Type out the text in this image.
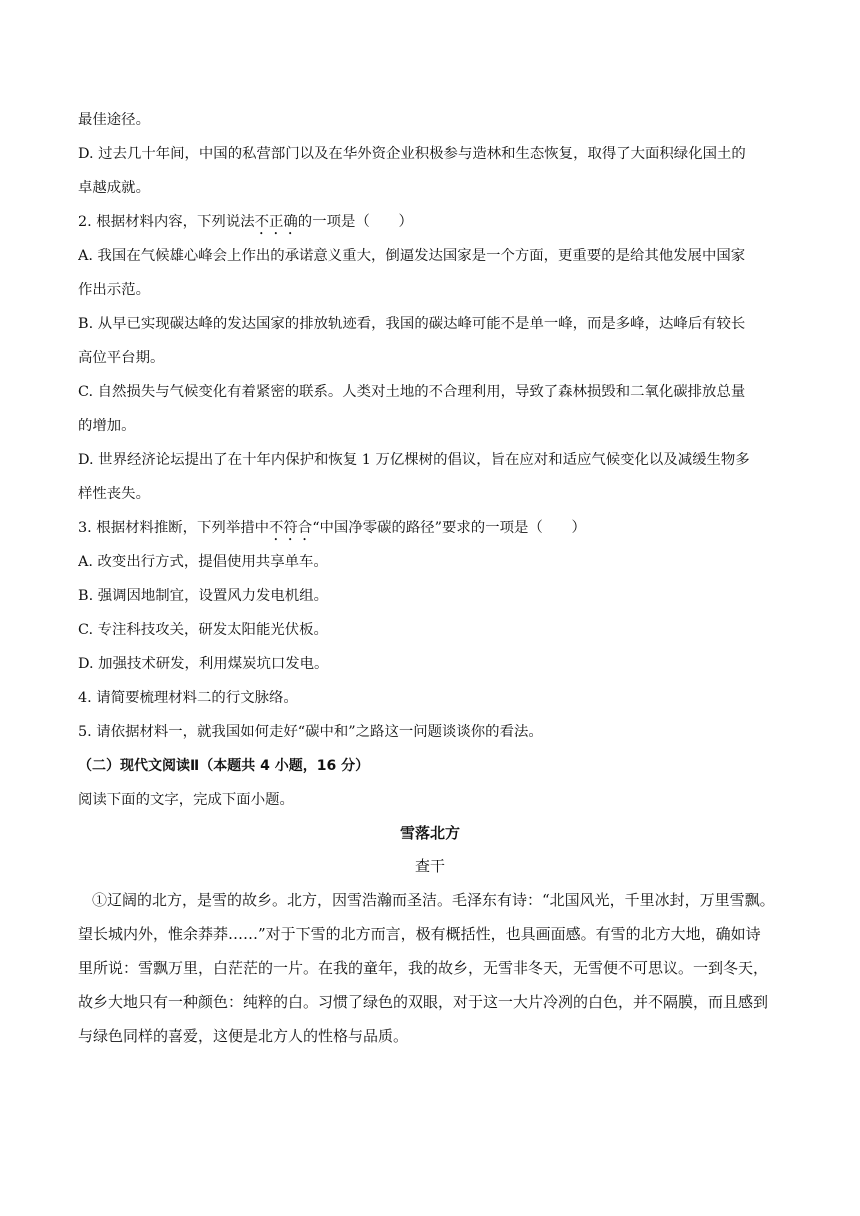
最佳途径。
D. 过去几十年间，中国的私营部门以及在华外资企业积极参与造林和生态恢复，取得了大面积绿化国土的
卓越成就。
2. 根据材料内容，下列说法不正确的一项是（　　）
A. 我国在气候雄心峰会上作出的承诺意义重大，倒逼发达国家是一个方面，更重要的是给其他发展中国家
作出示范。
B. 从早已实现碳达峰的发达国家的排放轨迹看，我国的碳达峰可能不是单一峰，而是多峰，达峰后有较长
高位平台期。
C. 自然损失与气候变化有着紧密的联系。人类对土地的不合理利用，导致了森林损毁和二氧化碳排放总量
的增加。
D. 世界经济论坛提出了在十年内保护和恢复 1 万亿棵树的倡议，旨在应对和适应气候变化以及减缓生物多
样性丧失。
3. 根据材料推断，下列举措中不符合“中国净零碳的路径”要求的一项是（　　）
A. 改变出行方式，提倡使用共享单车。
B. 强调因地制宜，设置风力发电机组。
C. 专注科技攻关，研发太阳能光伏板。
D. 加强技术研发，利用煤炭坑口发电。
4. 请简要梳理材料二的行文脉络。
5. 请依据材料一，就我国如何走好“碳中和”之路这一问题谈谈你的看法。
（二）现代文阅读Ⅱ（本题共 4 小题，16 分）
阅读下面的文字，完成下面小题。
雪落北方
查干
①辽阔的北方，是雪的故乡。北方，因雪浩瀚而圣洁。毛泽东有诗：“北国风光，千里冰封，万里雪飘。
望长城内外，惟余莽莽……”对于下雪的北方而言，极有概括性，也具画面感。有雪的北方大地，确如诗
里所说：雪飘万里，白茫茫的一片。在我的童年，我的故乡，无雪非冬天，无雪便不可思议。一到冬天，
故乡大地只有一种颜色：纯粹的白。习惯了绿色的双眼，对于这一大片冷冽的白色，并不隔膜，而且感到
与绿色同样的喜爱，这便是北方人的性格与品质。
